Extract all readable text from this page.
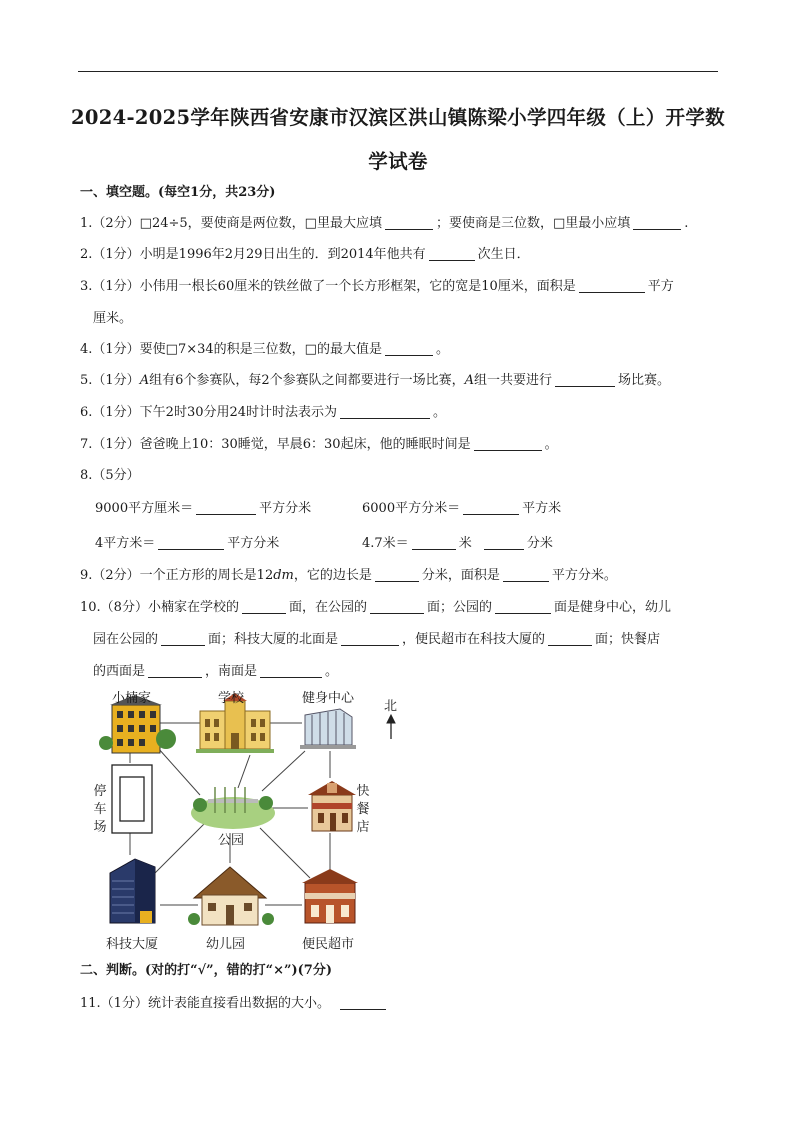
2024-2025学年陕西省安康市汉滨区洪山镇陈梁小学四年级（上）开学数
学试卷
一、填空题。(每空1分，共23分)
1.（2分）□24÷5，要使商是两位数，□里最大应填	；要使商是三位数，□里最小应填	.
2.（1分）小明是1996年2月29日出生的．到2014年他共有	次生日．
3.（1分）小伟用一根长60厘米的铁丝做了一个长方形框架，它的宽是10厘米，面积是	平方
厘米。
4.（1分）要使□7×34的积是三位数，□的最大值是	。
5.（1分）A组有6个参赛队，每2个参赛队之间都要进行一场比赛，A组一共要进行	场比赛。
6.（1分）下午2时30分用24时计时法表示为	。
7.（1分）爸爸晚上10：30睡觉，早晨6：30起床，他的睡眠时间是	。
8.（5分）
9000平方厘米＝	平方分米	6000平方分米＝	平方米
4平方米＝	平方分米	4.7米＝	米	分米
9.（2分）一个正方形的周长是12dm，它的边长是	分米，面积是	平方分米。
10.（8分）小楠家在学校的	面，在公园的	面；公园的	面是健身中心，幼儿
园在公园的	面；科技大厦的北面是	，便民超市在科技大厦的	面；快餐店
的西面是	，南面是	。
小楠家	学校	健身中心
北
停车场
公园
快餐店
科技大厦	幼儿园	便民超市
二、判断。(对的打“√”，错的打“×”)(7分)
11.（1分）统计表能直接看出数据的大小。
